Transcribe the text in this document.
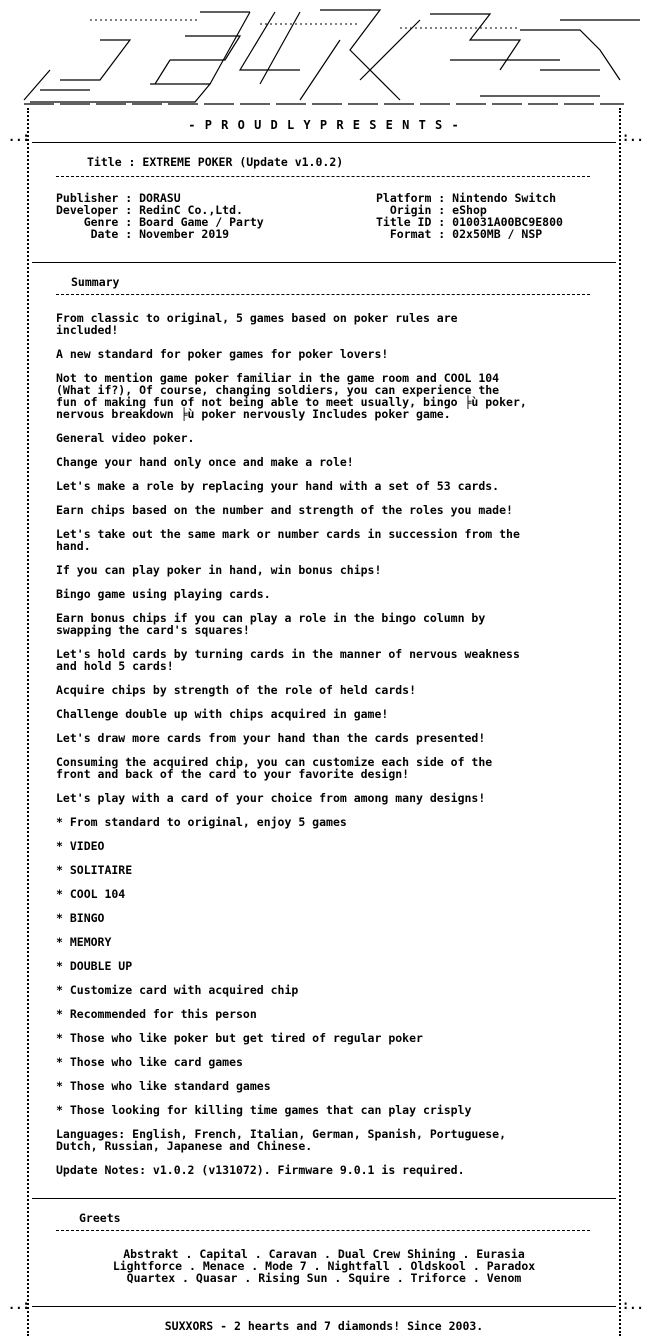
- P R O U D L Y P R E S E N T S -
..:	:..
..:	:..
Title : EXTREME POKER (Update v1.0.2)
Publisher : DORASU
Developer : RedinC Co.,Ltd.
Genre : Board Game / Party
Date : November 2019
Platform : Nintendo Switch
Origin : eShop
Title ID : 010031A00BC9E800
Format : 02x50MB / NSP
Summary
From classic to original, 5 games based on poker rules are
included!
A new standard for poker games for poker lovers!
Not to mention game poker familiar in the game room and COOL 104
(What if?), Of course, changing soldiers, you can experience the
fun of making fun of not being able to meet usually, bingo ╞ù poker,
nervous breakdown ╞ù poker nervously Includes poker game.
General video poker.
Change your hand only once and make a role!
Let's make a role by replacing your hand with a set of 53 cards.
Earn chips based on the number and strength of the roles you made!
Let's take out the same mark or number cards in succession from the
hand.
If you can play poker in hand, win bonus chips!
Bingo game using playing cards.
Earn bonus chips if you can play a role in the bingo column by
swapping the card's squares!
Let's hold cards by turning cards in the manner of nervous weakness
and hold 5 cards!
Acquire chips by strength of the role of held cards!
Challenge double up with chips acquired in game!
Let's draw more cards from your hand than the cards presented!
Consuming the acquired chip, you can customize each side of the
front and back of the card to your favorite design!
Let's play with a card of your choice from among many designs!
* From standard to original, enjoy 5 games
* VIDEO
* SOLITAIRE
* COOL 104
* BINGO
* MEMORY
* DOUBLE UP
* Customize card with acquired chip
* Recommended for this person
* Those who like poker but get tired of regular poker
* Those who like card games
* Those who like standard games
* Those looking for killing time games that can play crisply
Languages: English, French, Italian, German, Spanish, Portuguese,
Dutch, Russian, Japanese and Chinese.
Update Notes: v1.0.2 (v131072). Firmware 9.0.1 is required.
Greets
Abstrakt . Capital . Caravan . Dual Crew Shining . Eurasia
Lightforce . Menace . Mode 7 . Nightfall . Oldskool . Paradox
Quartex . Quasar . Rising Sun . Squire . Triforce . Venom
SUXXORS - 2 hearts and 7 diamonds! Since 2003.
